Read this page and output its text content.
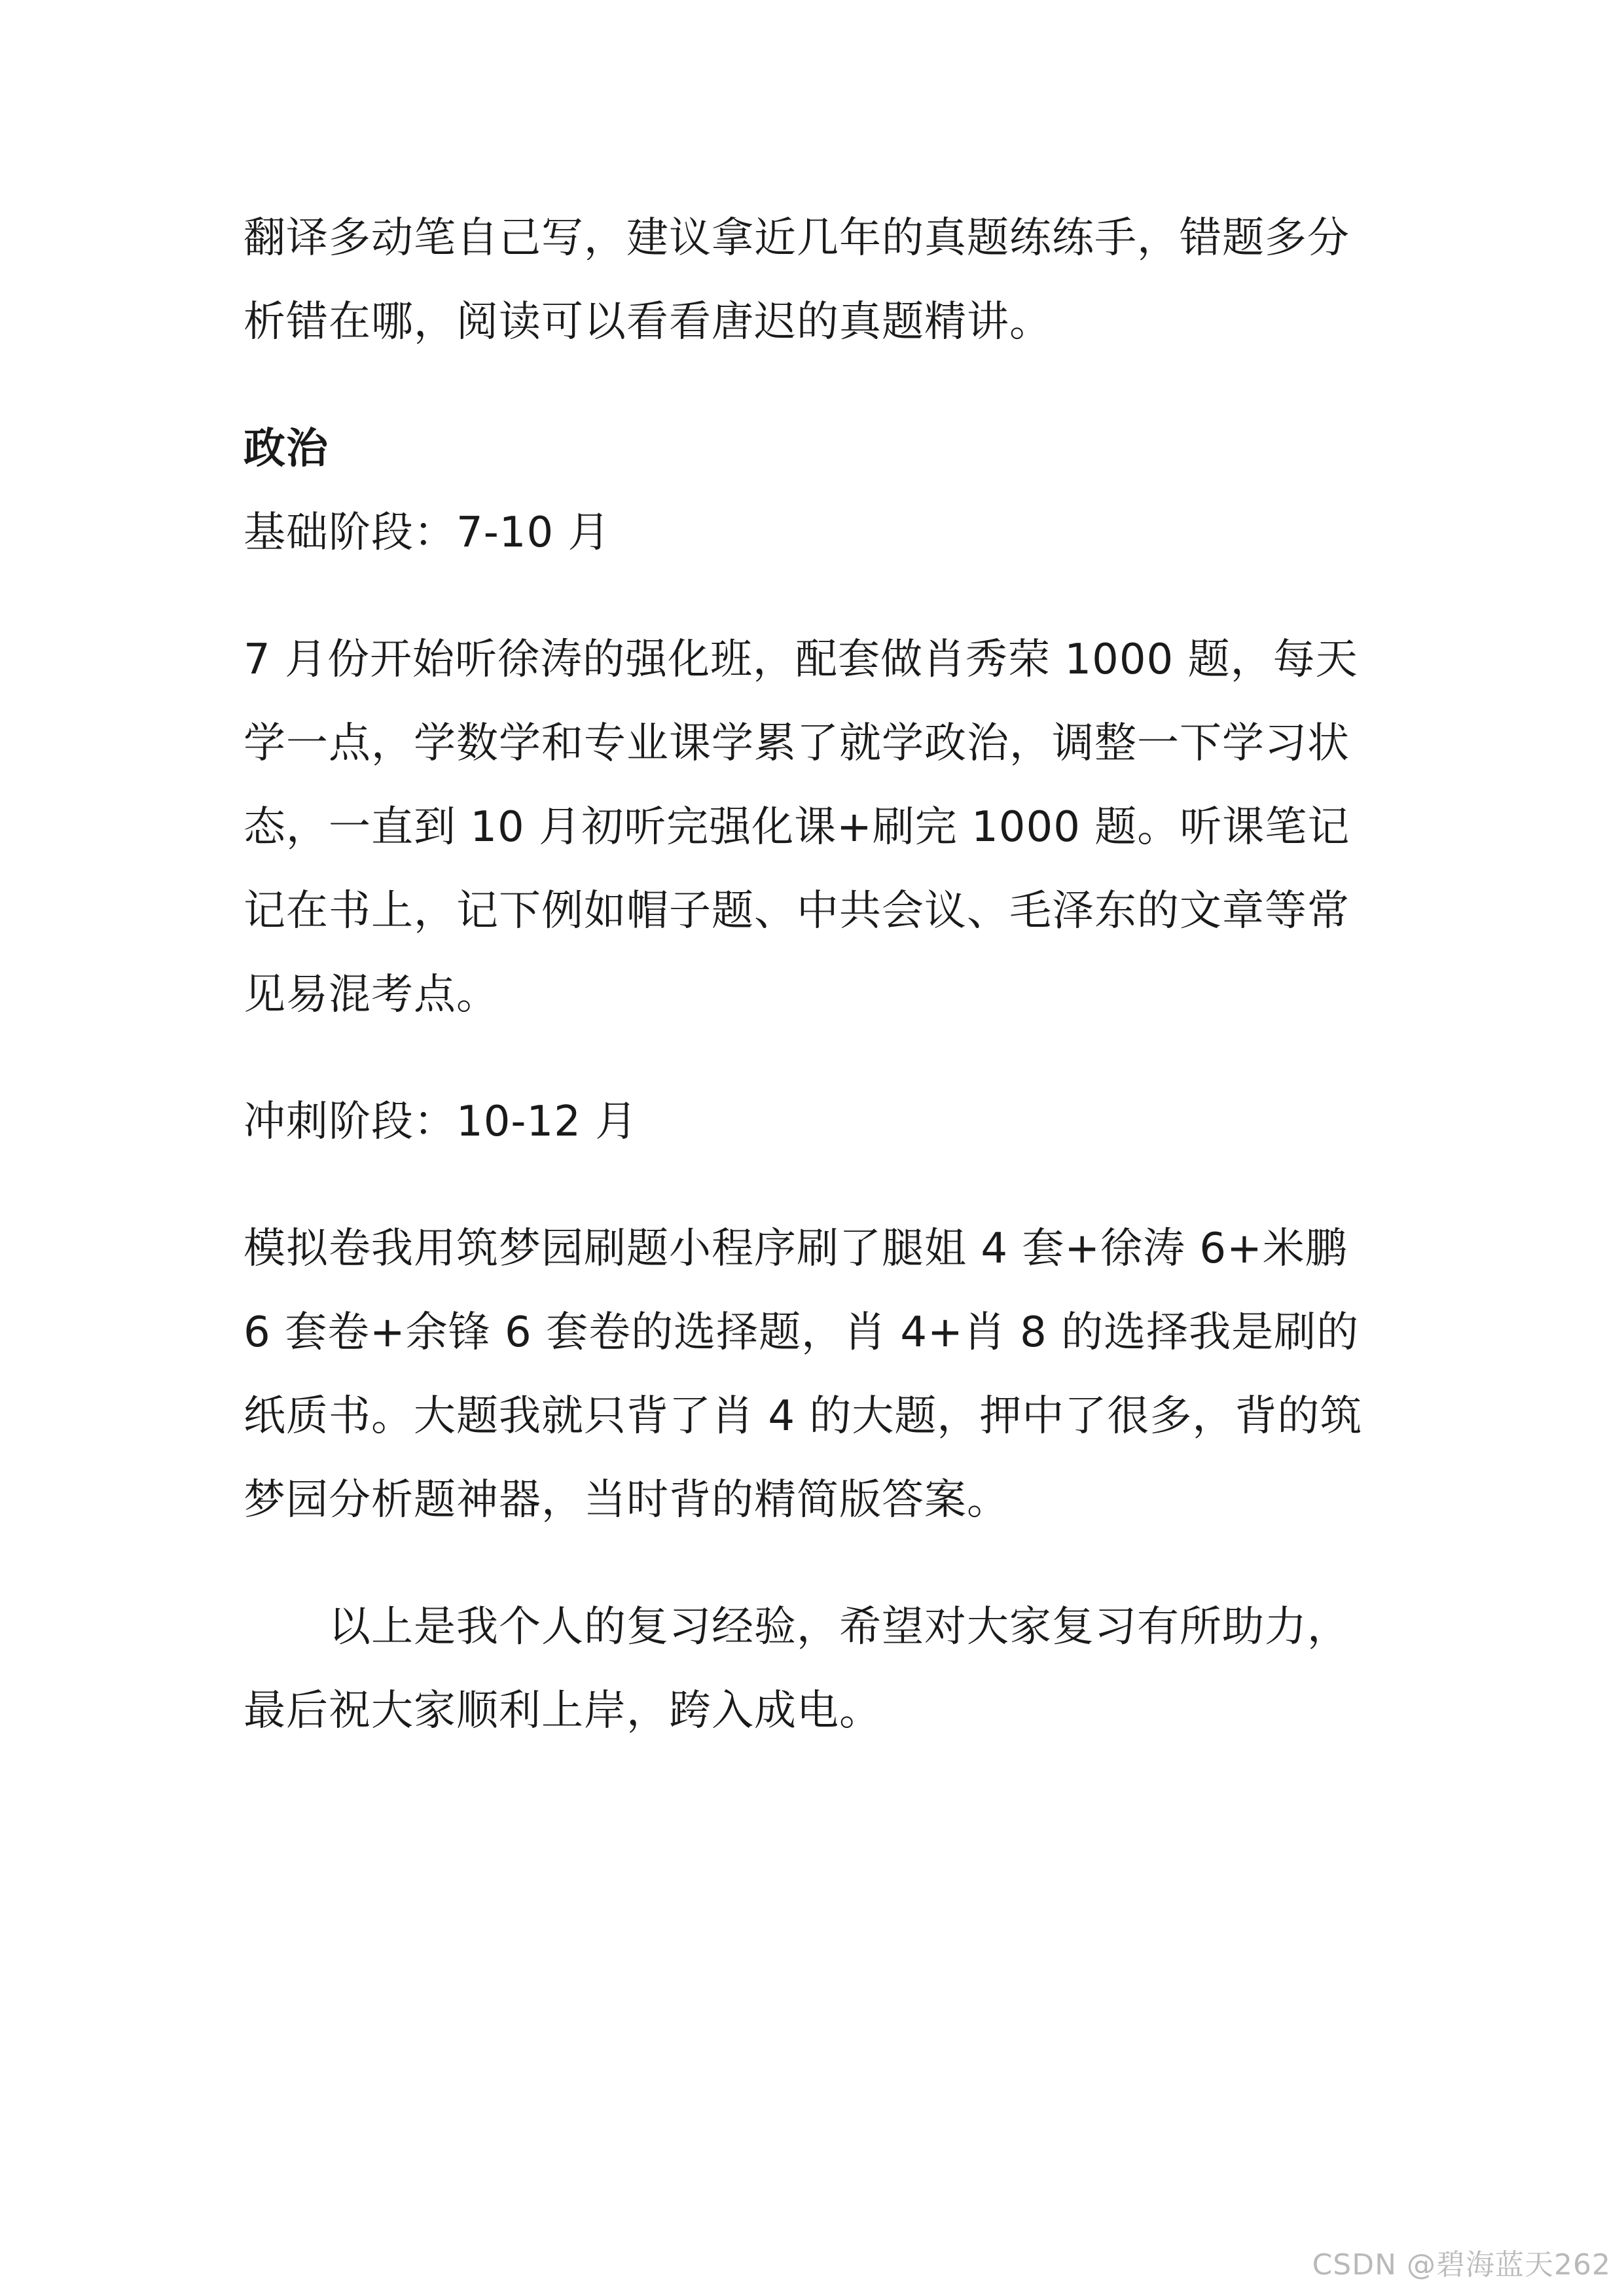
翻译多动笔自己写，建议拿近几年的真题练练手，错题多分析错在哪，阅读可以看看唐迟的真题精讲。

政治

基础阶段：7-10 月

7 月份开始听徐涛的强化班，配套做肖秀荣 1000 题，每天学一点，学数学和专业课学累了就学政治，调整一下学习状态，一直到 10 月初听完强化课+刷完 1000 题。听课笔记记在书上，记下例如帽子题、中共会议、毛泽东的文章等常见易混考点。

冲刺阶段：10-12 月

模拟卷我用筑梦园刷题小程序刷了腿姐 4 套+徐涛 6+米鹏 6 套卷+余锋 6 套卷的选择题，肖 4+肖 8 的选择我是刷的纸质书。大题我就只背了肖 4 的大题，押中了很多，背的筑梦园分析题神器，当时背的精简版答案。

以上是我个人的复习经验，希望对大家复习有所助力，最后祝大家顺利上岸，跨入成电。

CSDN @碧海蓝天262
